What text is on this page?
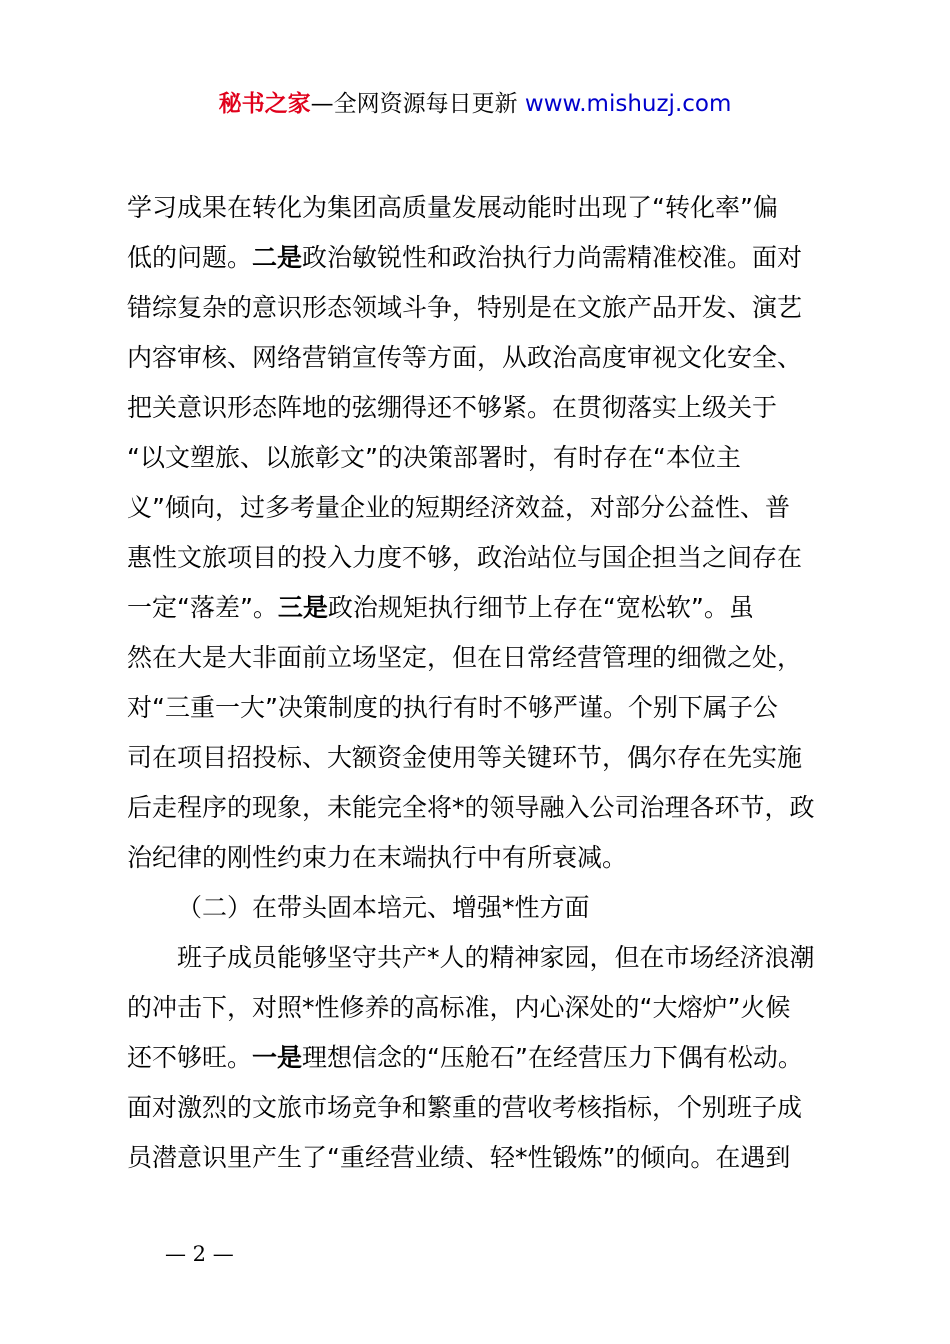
秘书之家—全网资源每日更新 www.mishuzj.com
学习成果在转化为集团高质量发展动能时出现了“转化率”偏
低的问题。二是政治敏锐性和政治执行力尚需精准校准。面对
错综复杂的意识形态领域斗争，特别是在文旅产品开发、演艺
内容审核、网络营销宣传等方面，从政治高度审视文化安全、
把关意识形态阵地的弦绷得还不够紧。在贯彻落实上级关于
“以文塑旅、以旅彰文”的决策部署时，有时存在“本位主
义”倾向，过多考量企业的短期经济效益，对部分公益性、普
惠性文旅项目的投入力度不够，政治站位与国企担当之间存在
一定“落差”。三是政治规矩执行细节上存在“宽松软”。虽
然在大是大非面前立场坚定，但在日常经营管理的细微之处，
对“三重一大”决策制度的执行有时不够严谨。个别下属子公
司在项目招投标、大额资金使用等关键环节，偶尔存在先实施
后走程序的现象，未能完全将*的领导融入公司治理各环节，政
治纪律的刚性约束力在末端执行中有所衰减。
（二）在带头固本培元、增强*性方面
班子成员能够坚守共产*人的精神家园，但在市场经济浪潮
的冲击下，对照*性修养的高标准，内心深处的“大熔炉”火候
还不够旺。一是理想信念的“压舱石”在经营压力下偶有松动。
面对激烈的文旅市场竞争和繁重的营收考核指标，个别班子成
员潜意识里产生了“重经营业绩、轻*性锻炼”的倾向。在遇到
— 2 —
